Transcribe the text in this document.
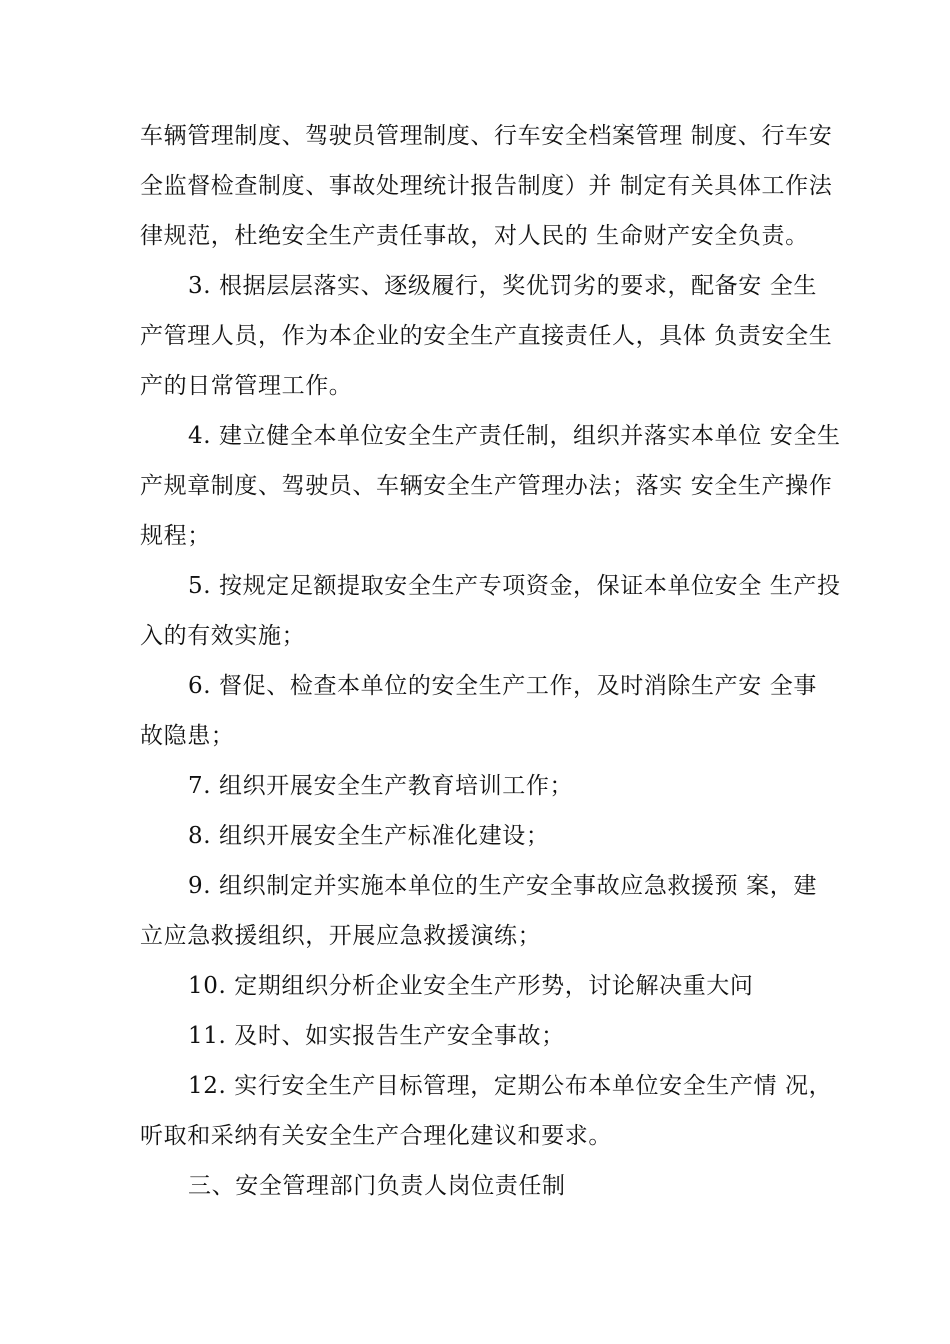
车辆管理制度、驾驶员管理制度、行车安全档案管理 制度、行车安
全监督检查制度、事故处理统计报告制度）并 制定有关具体工作法
律规范，杜绝安全生产责任事故，对人民的 生命财产安全负责。
3. 根据层层落实、逐级履行，奖优罚劣的要求，配备安 全生
产管理人员，作为本企业的安全生产直接责任人，具体 负责安全生
产的日常管理工作。
4. 建立健全本单位安全生产责任制，组织并落实本单位 安全生
产规章制度、驾驶员、车辆安全生产管理办法；落实 安全生产操作
规程；
5. 按规定足额提取安全生产专项资金，保证本单位安全 生产投
入的有效实施；
6. 督促、检查本单位的安全生产工作，及时消除生产安 全事
故隐患；
7. 组织开展安全生产教育培训工作；
8. 组织开展安全生产标准化建设；
9. 组织制定并实施本单位的生产安全事故应急救援预 案，建
立应急救援组织，开展应急救援演练；
10. 定期组织分析企业安全生产形势，讨论解决重大问
11. 及时、如实报告生产安全事故；
12. 实行安全生产目标管理，定期公布本单位安全生产情 况，
听取和采纳有关安全生产合理化建议和要求。
三、安全管理部门负责人岗位责任制
